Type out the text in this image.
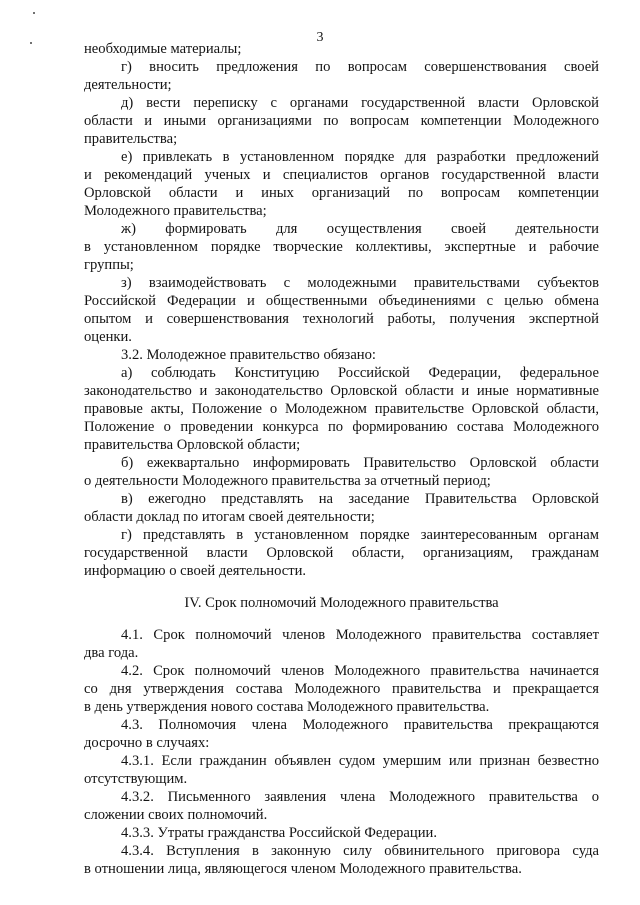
3
необходимые материалы;
г) вносить предложения по вопросам совершенствования своей
деятельности;
д) вести переписку с органами государственной власти Орловской
области и иными организациями по вопросам компетенции Молодежного
правительства;
е) привлекать в установленном порядке для разработки предложений
и рекомендаций ученых и специалистов органов государственной власти
Орловской области и иных организаций по вопросам компетенции
Молодежного правительства;
ж) формировать для осуществления своей деятельности
в установленном порядке творческие коллективы, экспертные и рабочие
группы;
з) взаимодействовать с молодежными правительствами субъектов
Российской Федерации и общественными объединениями с целью обмена
опытом и совершенствования технологий работы, получения экспертной
оценки.
3.2. Молодежное правительство обязано:
а) соблюдать Конституцию Российской Федерации, федеральное
законодательство и законодательство Орловской области и иные нормативные
правовые акты, Положение о Молодежном правительстве Орловской области,
Положение о проведении конкурса по формированию состава Молодежного
правительства Орловской области;
б) ежеквартально информировать Правительство Орловской области
о деятельности Молодежного правительства за отчетный период;
в) ежегодно представлять на заседание Правительства Орловской
области доклад по итогам своей деятельности;
г) представлять в установленном порядке заинтересованным органам
государственной власти Орловской области, организациям, гражданам
информацию о своей деятельности.
IV. Срок полномочий Молодежного правительства
4.1. Срок полномочий членов Молодежного правительства составляет
два года.
4.2. Срок полномочий членов Молодежного правительства начинается
со дня утверждения состава Молодежного правительства и прекращается
в день утверждения нового состава Молодежного правительства.
4.3. Полномочия члена Молодежного правительства прекращаются
досрочно в случаях:
4.3.1. Если гражданин объявлен судом умершим или признан безвестно
отсутствующим.
4.3.2. Письменного заявления члена Молодежного правительства о
сложении своих полномочий.
4.3.3. Утраты гражданства Российской Федерации.
4.3.4. Вступления в законную силу обвинительного приговора суда
в отношении лица, являющегося членом Молодежного правительства.
